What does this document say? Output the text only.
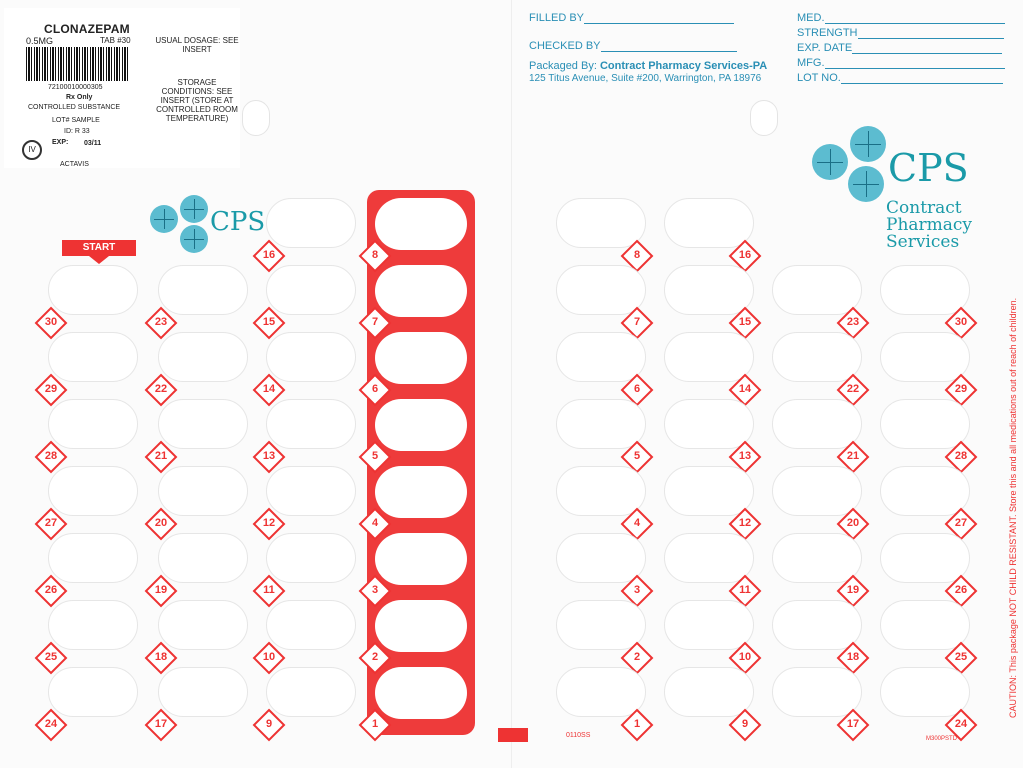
CLONAZEPAM
0.5MG	TAB #30
72100010000305
Rx Only
CONTROLLED SUBSTANCE
LOT# SAMPLE
ID: R 33
EXP: 03/11
IV
ACTAVIS
USUAL DOSAGE: SEE INSERT
STORAGE CONDITIONS: SEE INSERT (STORE AT CONTROLLED ROOM TEMPERATURE)
FILLED BY
CHECKED BY
Packaged By: Contract Pharmacy Services-PA
125 Titus Avenue, Suite #200, Warrington, PA 18976
MED.
STRENGTH
EXP. DATE
MFG.
LOT NO.
CPS
CPS
Contract
Pharmacy
Services
START
30
29
28
27
26
25
24
23
22
21
20
19
18
17
16
15
14
13
12
11
10
9
8
7
6
5
4
3
2
1
8
7
6
5
4
3
2
1
16
15
14
13
12
11
10
9
23
22
21
20
19
18
17
30
29
28
27
26
25
24
0110SS	M300PSTD
CAUTION: This package NOT CHILD RESISTANT. Store this and all medications out of reach of children.
